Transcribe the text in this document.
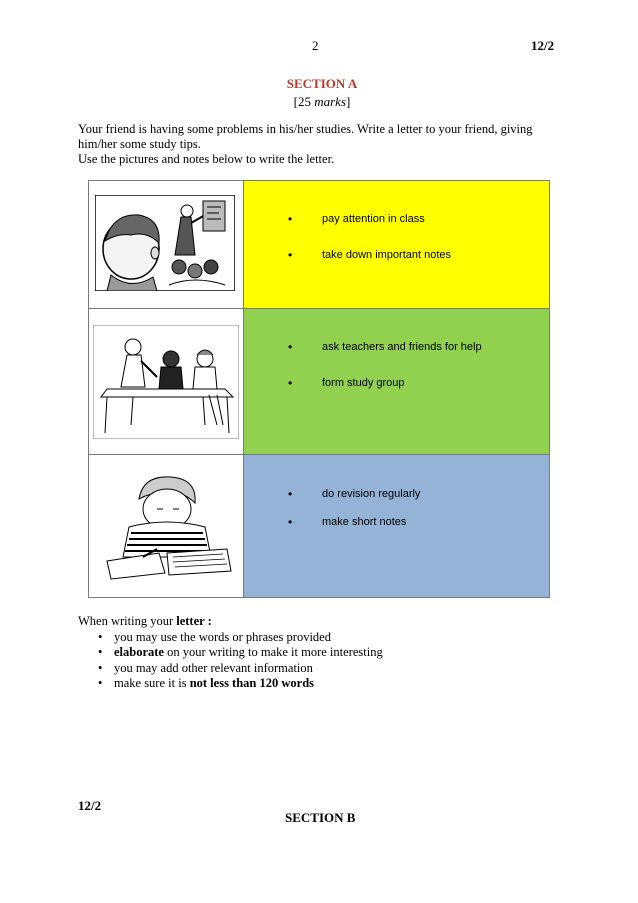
2	12/2
SECTION A
[25 marks]

Your friend is having some problems in his/her studies. Write a letter to your friend, giving

him/her some study tips.

Use the pictures and notes below to write the letter.

• pay attention in class
• take down important notes

• ask teachers and friends for help
• form study group

• do revision regularly
• make short notes
When writing your letter :
• you may use the words or phrases provided
• elaborate on your writing to make it more interesting
• you may add other relevant information
• make sure it is not less than 120 words
12/2
SECTION B
